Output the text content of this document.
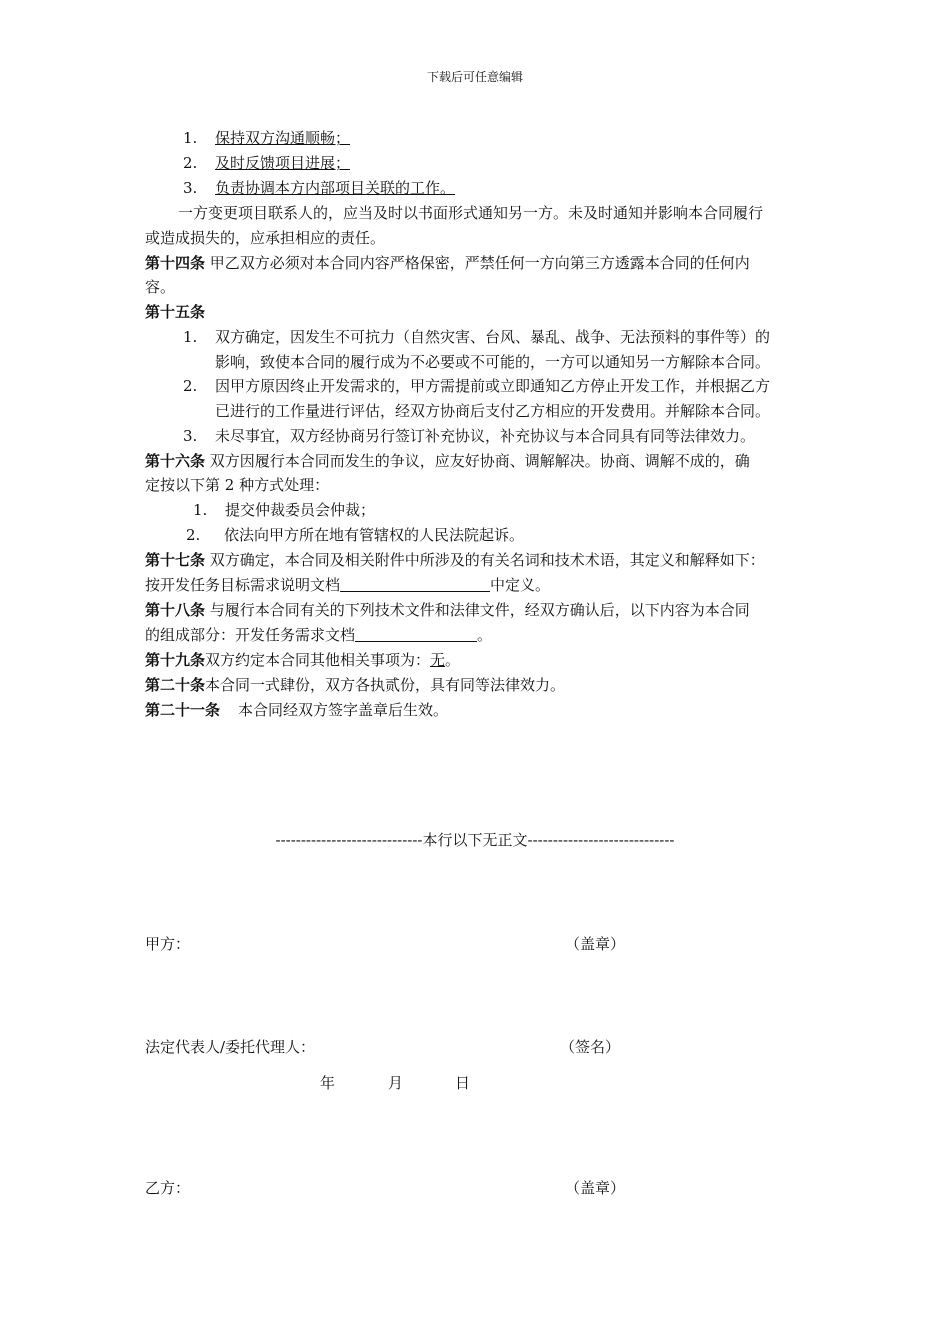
下载后可任意编辑
1. 保持双方沟通顺畅；
2. 及时反馈项目进展；
3. 负责协调本方内部项目关联的工作。
一方变更项目联系人的，应当及时以书面形式通知另一方。未及时通知并影响本合同履行
或造成损失的，应承担相应的责任。
第十四条 甲乙双方必须对本合同内容严格保密，严禁任何一方向第三方透露本合同的任何内
容。
第十五条
1. 双方确定，因发生不可抗力（自然灾害、台风、暴乱、战争、无法预料的事件等）的
影响，致使本合同的履行成为不必要或不可能的，一方可以通知另一方解除本合同。
2. 因甲方原因终止开发需求的，甲方需提前或立即通知乙方停止开发工作，并根据乙方
已进行的工作量进行评估，经双方协商后支付乙方相应的开发费用。并解除本合同。
3. 未尽事宜，双方经协商另行签订补充协议，补充协议与本合同具有同等法律效力。
第十六条 双方因履行本合同而发生的争议，应友好协商、调解解决。协商、调解不成的，确
定按以下第 2 种方式处理：
1. 提交仲裁委员会仲裁；
2. 依法向甲方所在地有管辖权的人民法院起诉。
第十七条 双方确定，本合同及相关附件中所涉及的有关名词和技术术语，其定义和解释如下：
按开发任务目标需求说明文档	中定义。
第十八条 与履行本合同有关的下列技术文件和法律文件，经双方确认后，以下内容为本合同
的组成部分：开发任务需求文档	。
第十九条双方约定本合同其他相关事项为：无。
第二十条本合同一式肆份，双方各执贰份，具有同等法律效力。
第二十一条 本合同经双方签字盖章后生效。
-----------------------------本行以下无正文-----------------------------
甲方：	（盖章）
法定代表人/委托代理人：	（签名）
年	月	日
乙方：	（盖章）
